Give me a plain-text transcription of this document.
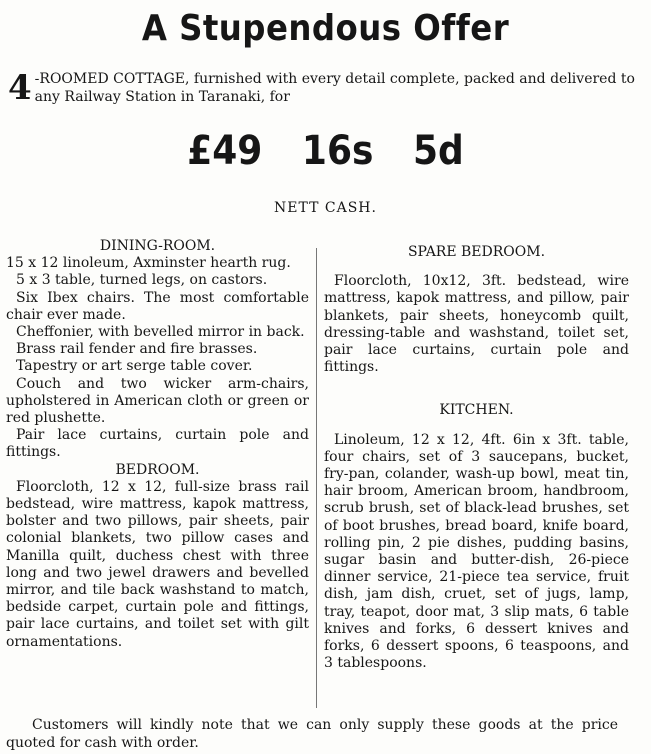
A Stupendous Offer
4 -ROOMED COTTAGE, furnished with every detail complete, packed and delivered to any Railway Station in Taranaki, for
£49 16s 5d
NETT CASH.

DINING-ROOM.

15 x 12 linoleum, Axminster hearth rug.

5 x 3 table, turned legs, on castors.

Six Ibex chairs. The most comfortable chair ever made.

Cheffonier, with bevelled mirror in back.

Brass rail fender and fire brasses.

Tapestry or art serge table cover.

Couch and two wicker arm-chairs, upholstered in American cloth or green or red plushette.

Pair lace curtains, curtain pole and fittings.

BEDROOM.

Floorcloth, 12 x 12, full-size brass rail bedstead, wire mattress, kapok mattress, bolster and two pillows, pair sheets, pair colonial blankets, two pillow cases and Manilla quilt, duchess chest with three long and two jewel drawers and bevelled mirror, and tile back washstand to match, bedside carpet, curtain pole and fittings, pair lace curtains, and toilet set with gilt ornamentations.

SPARE BEDROOM.

Floorcloth, 10x12, 3ft. bedstead, wire mattress, kapok mattress, and pillow, pair blankets, pair sheets, honeycomb quilt, dressing-table and washstand, toilet set, pair lace curtains, curtain pole and fittings.

KITCHEN.

Linoleum, 12 x 12, 4ft. 6in x 3ft. table, four chairs, set of 3 saucepans, bucket, fry-pan, colander, wash-up bowl, meat tin, hair broom, American broom, handbroom, scrub brush, set of black-lead brushes, set of boot brushes, bread board, knife board, rolling pin, 2 pie dishes, pudding basins, sugar basin and butter-dish, 26-piece dinner service, 21-piece tea service, fruit dish, jam dish, cruet, set of jugs, lamp, tray, teapot, door mat, 3 slip mats, 6 table knives and forks, 6 dessert knives and forks, 6 dessert spoons, 6 teaspoons, and 3 tablespoons.

Customers will kindly note that we can only supply these goods at the price quoted for cash with order.
